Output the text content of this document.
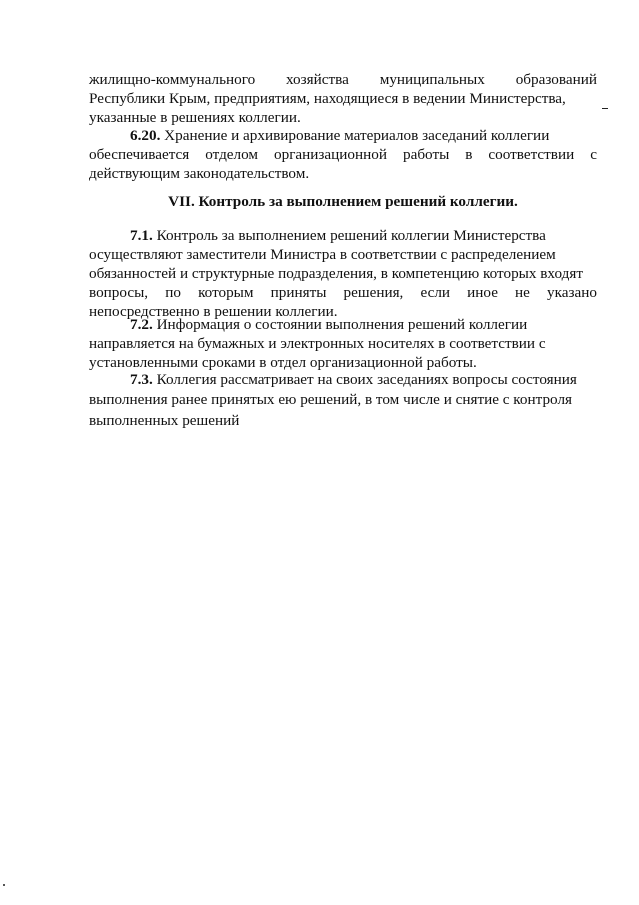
жилищно-коммунального хозяйства муниципальных образований
Республики Крым, предприятиям, находящиеся в ведении Министерства,
указанные в решениях коллегии.
6.20. Хранение и архивирование материалов заседаний коллегии
обеспечивается отделом организационной работы в соответствии с
действующим законодательством.
VII. Контроль за выполнением решений коллегии.
7.1. Контроль за выполнением решений коллегии Министерства
осуществляют заместители Министра в соответствии с распределением
обязанностей и структурные подразделения, в компетенцию которых входят
вопросы, по которым приняты решения, если иное не указано
непосредственно в решении коллегии.
7.2. Информация о состоянии выполнения решений коллегии
направляется на бумажных и электронных носителях в соответствии с
установленными сроками в отдел организационной работы.
7.3. Коллегия рассматривает на своих заседаниях вопросы состояния
выполнения ранее принятых ею решений, в том числе и снятие с контроля
выполненных решений
